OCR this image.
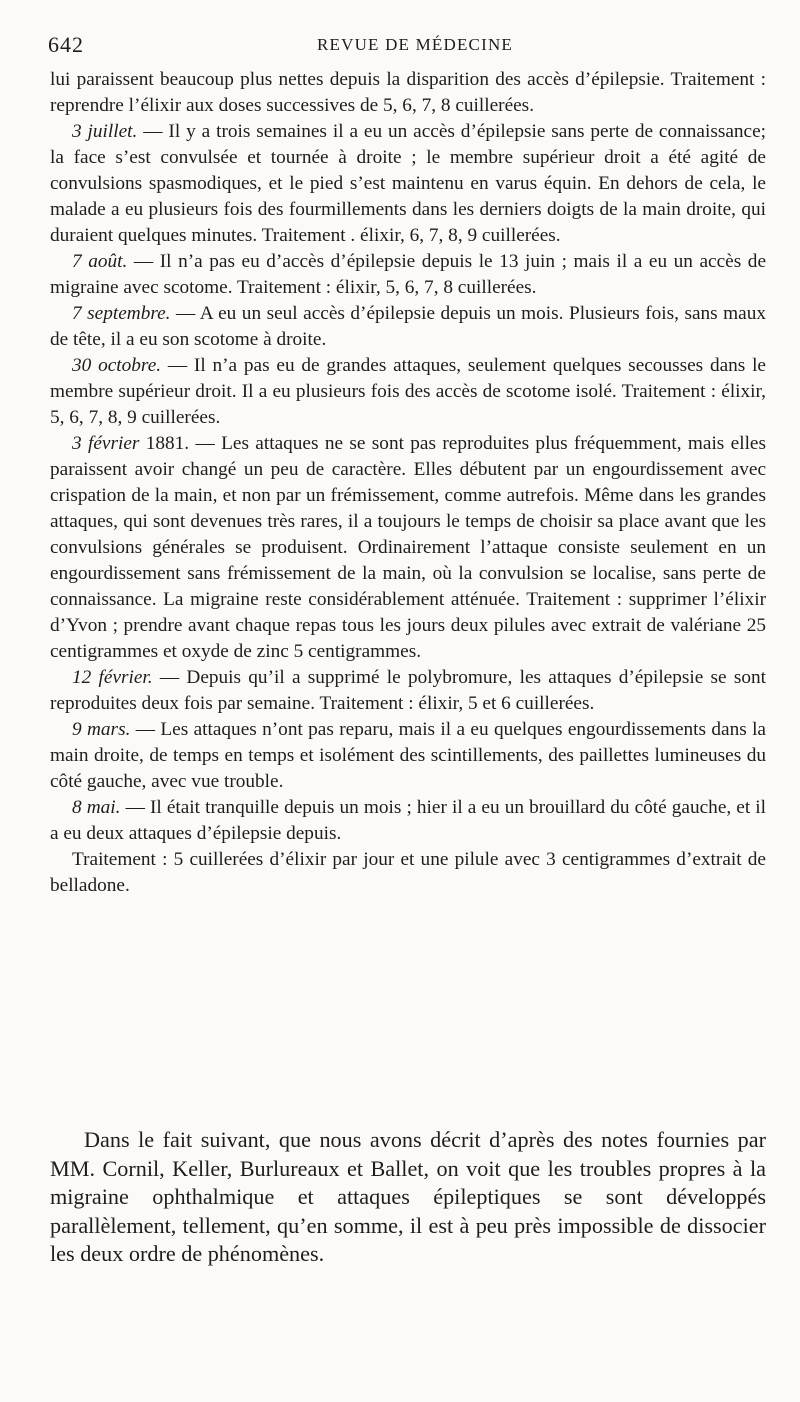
642	REVUE DE MÉDECINE

lui paraissent beaucoup plus nettes depuis la disparition des accès d’épilepsie. Traitement : reprendre l’élixir aux doses successives de 5, 6, 7, 8 cuillerées.

3 juillet. — Il y a trois semaines il a eu un accès d’épilepsie sans perte de connaissance; la face s’est convulsée et tournée à droite ; le membre supérieur droit a été agité de convulsions spasmodiques, et le pied s’est maintenu en varus équin. En dehors de cela, le malade a eu plusieurs fois des fourmillements dans les derniers doigts de la main droite, qui duraient quelques minutes. Traitement . élixir, 6, 7, 8, 9 cuillerées.

7 août. — Il n’a pas eu d’accès d’épilepsie depuis le 13 juin ; mais il a eu un accès de migraine avec scotome. Traitement : élixir, 5, 6, 7, 8 cuillerées.

7 septembre. — A eu un seul accès d’épilepsie depuis un mois. Plusieurs fois, sans maux de tête, il a eu son scotome à droite.

30 octobre. — Il n’a pas eu de grandes attaques, seulement quelques secousses dans le membre supérieur droit. Il a eu plusieurs fois des accès de scotome isolé. Traitement : élixir, 5, 6, 7, 8, 9 cuillerées.

3 février 1881. — Les attaques ne se sont pas reproduites plus fréquemment, mais elles paraissent avoir changé un peu de caractère. Elles débutent par un engourdissement avec crispation de la main, et non par un frémissement, comme autrefois. Même dans les grandes attaques, qui sont devenues très rares, il a toujours le temps de choisir sa place avant que les convulsions générales se produisent. Ordinairement l’attaque consiste seulement en un engourdissement sans frémissement de la main, où la convulsion se localise, sans perte de connaissance. La migraine reste considérablement atténuée. Traitement : supprimer l’élixir d’Yvon ; prendre avant chaque repas tous les jours deux pilules avec extrait de valériane 25 centigrammes et oxyde de zinc 5 centigrammes.

12 février. — Depuis qu’il a supprimé le polybromure, les attaques d’épilepsie se sont reproduites deux fois par semaine. Traitement : élixir, 5 et 6 cuillerées.

9 mars. — Les attaques n’ont pas reparu, mais il a eu quelques engourdissements dans la main droite, de temps en temps et isolément des scintillements, des paillettes lumineuses du côté gauche, avec vue trouble.

8 mai. — Il était tranquille depuis un mois ; hier il a eu un brouillard du côté gauche, et il a eu deux attaques d’épilepsie depuis.

Traitement : 5 cuillerées d’élixir par jour et une pilule avec 3 centigrammes d’extrait de belladone.

Dans le fait suivant, que nous avons décrit d’après des notes fournies par MM. Cornil, Keller, Burlureaux et Ballet, on voit que les troubles propres à la migraine ophthalmique et attaques épileptiques se sont développés parallèlement, tellement, qu’en somme, il est à peu près impossible de dissocier les deux ordre de phénomènes.
